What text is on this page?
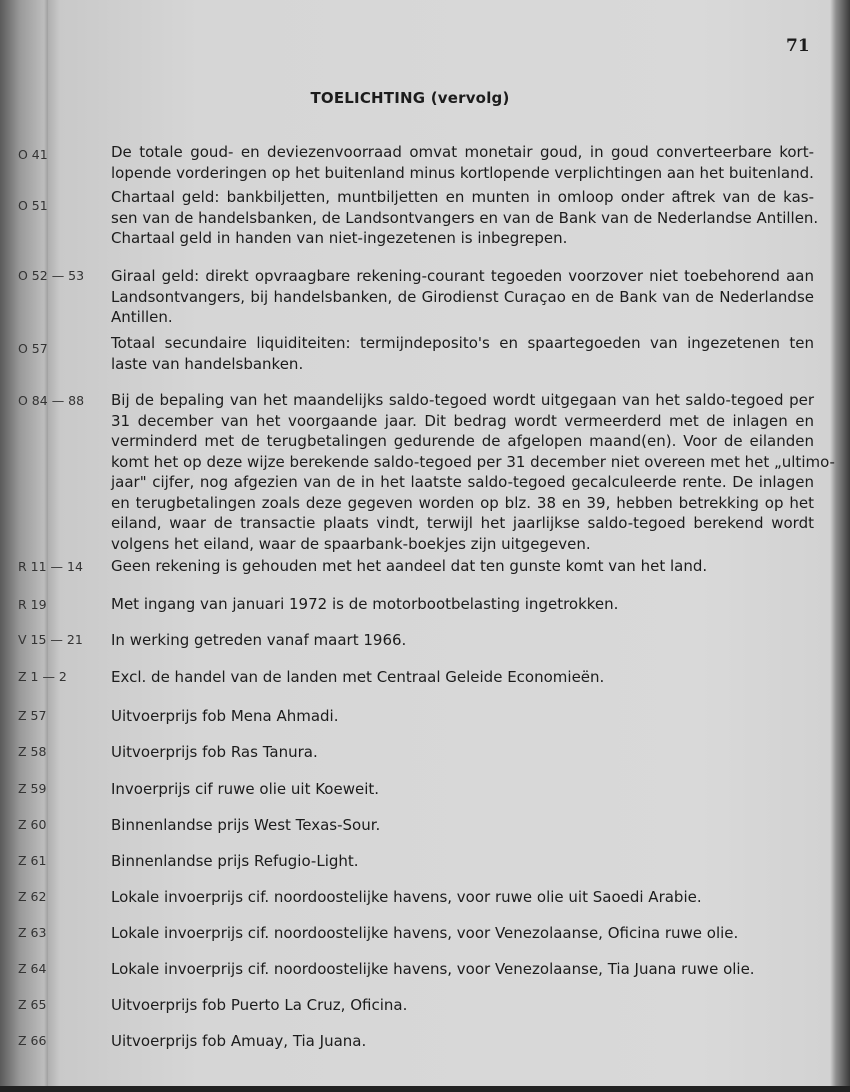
71
TOELICHTING (vervolg)
O 41	De totale goud- en deviezenvoorraad omvat monetair goud, in goud converteerbare kort-
lopende vorderingen op het buitenland minus kortlopende verplichtingen aan het buitenland.
O 51	Chartaal geld: bankbiljetten, muntbiljetten en munten in omloop onder aftrek van de kas-
sen van de handelsbanken, de Landsontvangers en van de Bank van de Nederlandse Antillen.
Chartaal geld in handen van niet-ingezetenen is inbegrepen.
O 52 — 53 Giraal geld: direkt opvraagbare rekening-courant tegoeden voorzover niet toebehorend aan
Landsontvangers, bij handelsbanken, de Girodienst Curaçao en de Bank van de Nederlandse
Antillen.
O 57	Totaal secundaire liquiditeiten: termijndeposito's en spaartegoeden van ingezetenen ten
laste van handelsbanken.
O 84 — 88 Bij de bepaling van het maandelijks saldo-tegoed wordt uitgegaan van het saldo-tegoed per
31 december van het voorgaande jaar. Dit bedrag wordt vermeerderd met de inlagen en
verminderd met de terugbetalingen gedurende de afgelopen maand(en). Voor de eilanden
komt het op deze wijze berekende saldo-tegoed per 31 december niet overeen met het „ultimo-
jaar" cijfer, nog afgezien van de in het laatste saldo-tegoed gecalculeerde rente. De inlagen
en terugbetalingen zoals deze gegeven worden op blz. 38 en 39, hebben betrekking op het
eiland, waar de transactie plaats vindt, terwijl het jaarlijkse saldo-tegoed berekend wordt
volgens het eiland, waar de spaarbank-boekjes zijn uitgegeven.
R 11 — 14 Geen rekening is gehouden met het aandeel dat ten gunste komt van het land.
R 19	Met ingang van januari 1972 is de motorbootbelasting ingetrokken.
V 15 — 21 In werking getreden vanaf maart 1966.
Z 1 — 2	Excl. de handel van de landen met Centraal Geleide Economieën.
Z 57	Uitvoerprijs fob Mena Ahmadi.
Z 58	Uitvoerprijs fob Ras Tanura.
Z 59	Invoerprijs cif ruwe olie uit Koeweit.
Z 60	Binnenlandse prijs West Texas-Sour.
Z 61	Binnenlandse prijs Refugio-Light.
Z 62	Lokale invoerprijs cif. noordoostelijke havens, voor ruwe olie uit Saoedi Arabie.
Z 63	Lokale invoerprijs cif. noordoostelijke havens, voor Venezolaanse, Oficina ruwe olie.
Z 64	Lokale invoerprijs cif. noordoostelijke havens, voor Venezolaanse, Tia Juana ruwe olie.
Z 65	Uitvoerprijs fob Puerto La Cruz, Oficina.
Z 66	Uitvoerprijs fob Amuay, Tia Juana.
